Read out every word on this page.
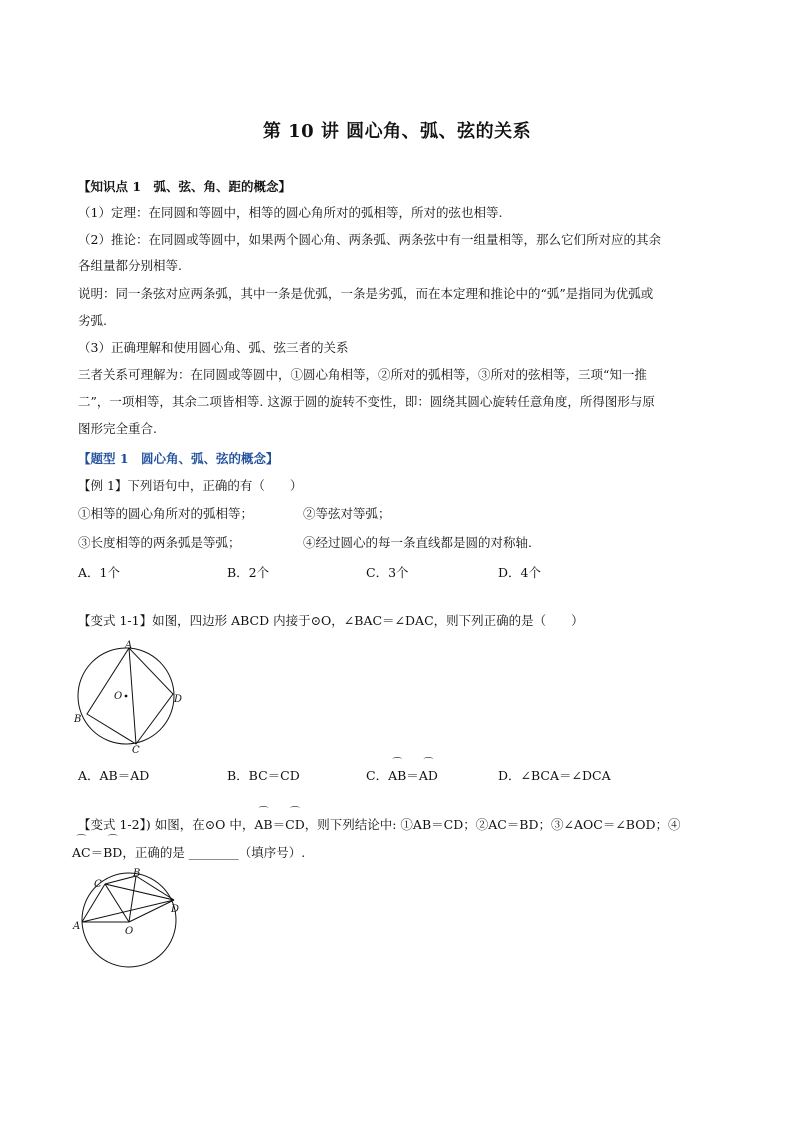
第 10 讲 圆心角、弧、弦的关系
【知识点 1　弧、弦、角、距的概念】
（1）定理：在同圆和等圆中，相等的圆心角所对的弧相等，所对的弦也相等.
（2）推论：在同圆或等圆中，如果两个圆心角、两条弧、两条弦中有一组量相等，那么它们所对应的其余
各组量都分别相等.
说明：同一条弦对应两条弧，其中一条是优弧，一条是劣弧，而在本定理和推论中的“弧”是指同为优弧或
劣弧.
（3）正确理解和使用圆心角、弧、弦三者的关系
三者关系可理解为：在同圆或等圆中，①圆心角相等，②所对的弧相等，③所对的弦相等，三项“知一推
二”，一项相等，其余二项皆相等. 这源于圆的旋转不变性，即：圆绕其圆心旋转任意角度，所得图形与原
图形完全重合.
【题型 1　圆心角、弧、弦的概念】
【例 1】下列语句中，正确的有（　　）
①相等的圆心角所对的弧相等；	②等弦对等弧；
③长度相等的两条弧是等弧；	④经过圆心的每一条直线都是圆的对称轴.
A．1个	B．2个	C．3个	D．4个
【变式 1-1】如图，四边形 ABCD 内接于⊙O，∠BAC＝∠DAC，则下列正确的是（　　）
A
B
C
D
O
A．AB＝AD	B．BC＝CD	C．⌒ AB＝⌒ AD	D．∠BCA＝∠DCA
【变式 1-2】) 如图，在⊙O 中，⌒ AB＝⌒ CD，则下列结论中: ①AB＝CD；②AC＝BD；③∠AOC＝∠BOD；④
⌒ AC＝⌒ BD，正确的是 ________（填序号）.
A
B
C
D
O
